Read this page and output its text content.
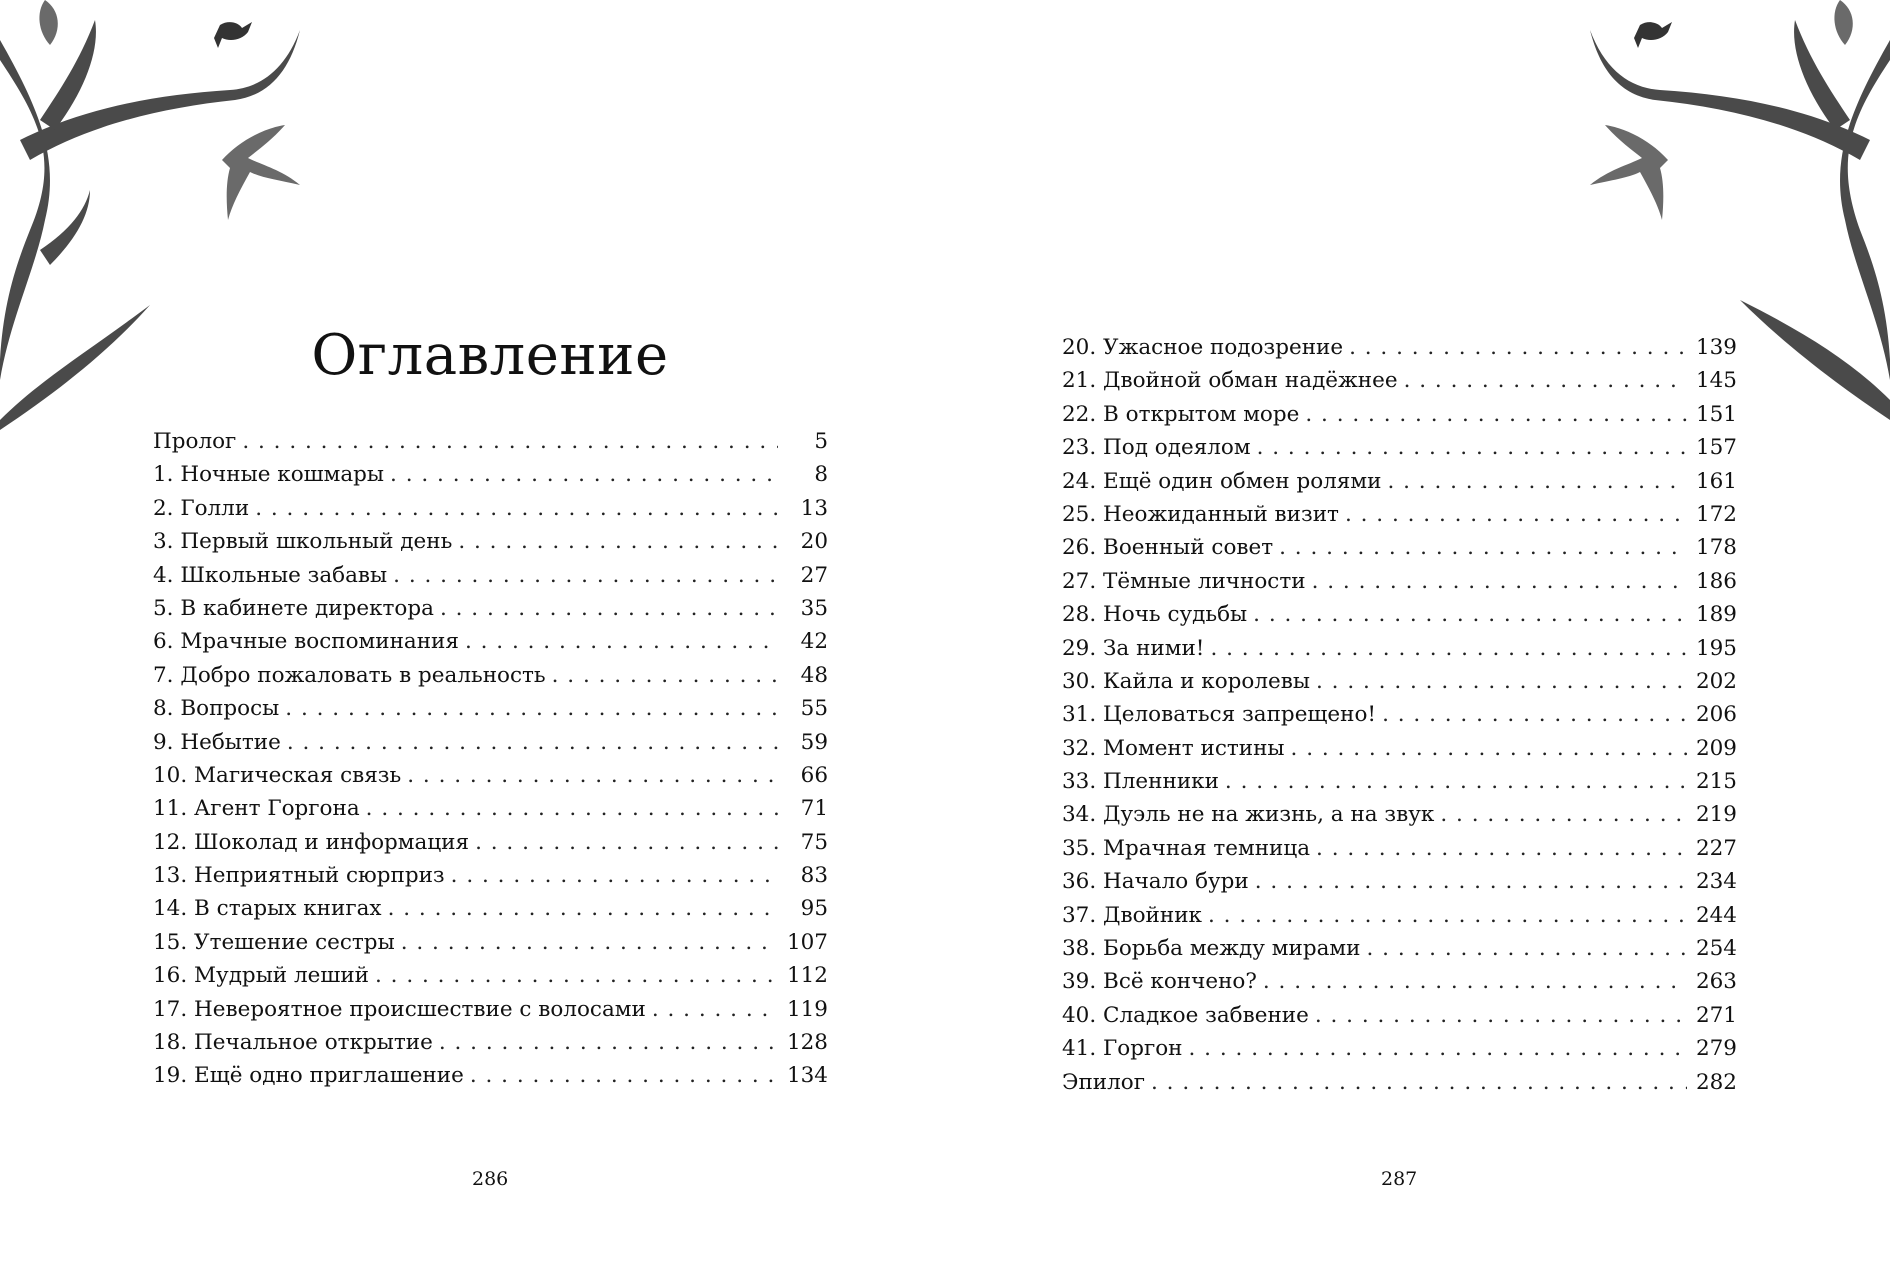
Оглавление
Пролог . . .	5
1. Ночные кошмары . . .	8
2. Голли . . .	13
3. Первый школьный день . . .	20
4. Школьные забавы . . .	27
5. В кабинете директора . . .	35
6. Мрачные воспоминания . . .	42
7. Добро пожаловать в реальность . . .	48
8. Вопросы . . .	55
9. Небытие . . .	59
10. Магическая связь . . .	66
11. Агент Горгона . . .	71
12. Шоколад и информация . . .	75
13. Неприятный сюрприз . . .	83
14. В старых книгах . . .	95
15. Утешение сестры . . .	107
16. Мудрый леший . . .	112
17. Невероятное происшествие с волосами . . .	119
18. Печальное открытие . . .	128
19. Ещё одно приглашение . . .	134
286
20. Ужасное подозрение . . .	139
21. Двойной обман надёжнее . . .	145
22. В открытом море . . .	151
23. Под одеялом . . .	157
24. Ещё один обмен ролями . . .	161
25. Неожиданный визит . . .	172
26. Военный совет . . .	178
27. Тёмные личности . . .	186
28. Ночь судьбы . . .	189
29. За ними! . . .	195
30. Кайла и королевы . . .	202
31. Целоваться запрещено! . . .	206
32. Момент истины . . .	209
33. Пленники . . .	215
34. Дуэль не на жизнь, а на звук . . .	219
35. Мрачная темница . . .	227
36. Начало бури . . .	234
37. Двойник . . .	244
38. Борьба между мирами . . .	254
39. Всё кончено? . . .	263
40. Сладкое забвение . . .	271
41. Горгон . . .	279
Эпилог . . .	282
287
